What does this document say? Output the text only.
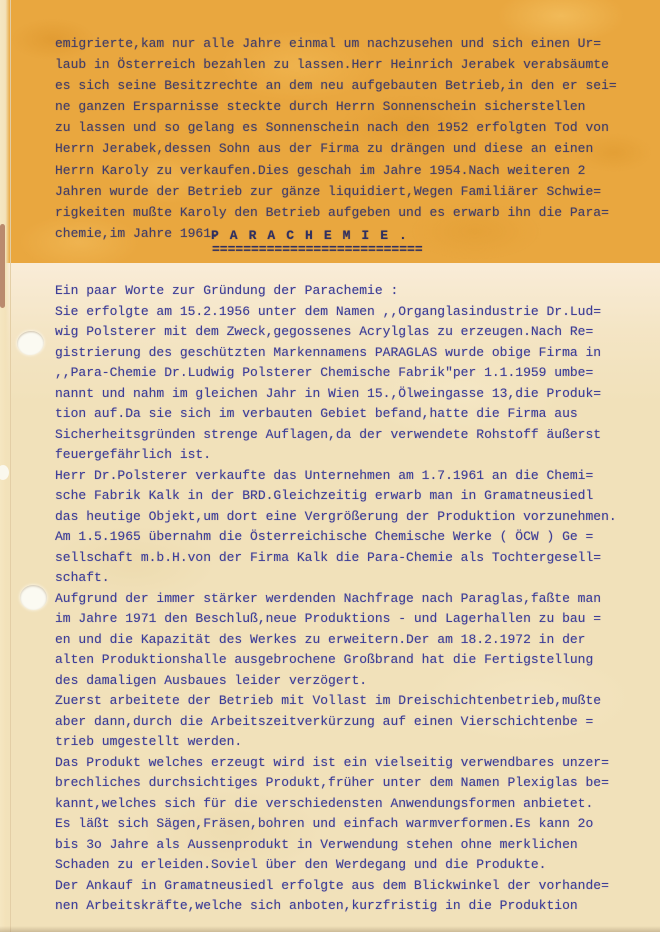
emigrierte,kam nur alle Jahre einmal um nachzusehen und sich einen Ur=
laub in Österreich bezahlen zu lassen.Herr Heinrich Jerabek verabsäumte
es sich seine Besitzrechte an dem neu aufgebauten Betrieb,in den er sei=
ne ganzen Ersparnisse steckte durch Herrn Sonnenschein sicherstellen
zu lassen und so gelang es Sonnenschein nach den 1952 erfolgten Tod von
Herrn Jerabek,dessen Sohn aus der Firma zu drängen und diese an einen
Herrn Karoly zu verkaufen.Dies geschah im Jahre 1954.Nach weiteren 2
Jahren wurde der Betrieb zur gänze liquidiert,Wegen Familiärer Schwie=
rigkeiten mußte Karoly den Betrieb aufgeben und es erwarb ihn die Para=
chemie,im Jahre 1961.
P A R A C H E M I E .
===========================
Ein paar Worte zur Gründung der Parachemie :
Sie erfolgte am 15.2.1956 unter dem Namen ,,Organglasindustrie Dr.Lud=
wig Polsterer mit dem Zweck,gegossenes Acrylglas zu erzeugen.Nach Re=
gistrierung des geschützten Markennamens PARAGLAS wurde obige Firma in
,,Para-Chemie Dr.Ludwig Polsterer Chemische Fabrik"per 1.1.1959 umbe=
nannt und nahm im gleichen Jahr in Wien 15.,Ölweingasse 13,die Produk=
tion auf.Da sie sich im verbauten Gebiet befand,hatte die Firma aus
Sicherheitsgründen strenge Auflagen,da der verwendete Rohstoff äußerst
feuergefährlich ist.
Herr Dr.Polsterer verkaufte das Unternehmen am 1.7.1961 an die Chemi=
sche Fabrik Kalk in der BRD.Gleichzeitig erwarb man in Gramatneusiedl
das heutige Objekt,um dort eine Vergrößerung der Produktion vorzunehmen.
Am 1.5.1965 übernahm die Österreichische Chemische Werke ( ÖCW ) Ge =
sellschaft m.b.H.von der Firma Kalk die Para-Chemie als Tochtergesell=
schaft.
Aufgrund der immer stärker werdenden Nachfrage nach Paraglas,faßte man
im Jahre 1971 den Beschluß,neue Produktions - und Lagerhallen zu bau =
en und die Kapazität des Werkes zu erweitern.Der am 18.2.1972 in der
alten Produktionshalle ausgebrochene Großbrand hat die Fertigstellung
des damaligen Ausbaues leider verzögert.
Zuerst arbeitete der Betrieb mit Vollast im Dreischichtenbetrieb,mußte
aber dann,durch die Arbeitszeitverkürzung auf einen Vierschichtenbe =
trieb umgestellt werden.
Das Produkt welches erzeugt wird ist ein vielseitig verwendbares unzer=
brechliches durchsichtiges Produkt,früher unter dem Namen Plexiglas be=
kannt,welches sich für die verschiedensten Anwendungsformen anbietet.
Es läßt sich Sägen,Fräsen,bohren und einfach warmverformen.Es kann 2o
bis 3o Jahre als Aussenprodukt in Verwendung stehen ohne merklichen
Schaden zu erleiden.Soviel über den Werdegang und die Produkte.
Der Ankauf in Gramatneusiedl erfolgte aus dem Blickwinkel der vorhande=
nen Arbeitskräfte,welche sich anboten,kurzfristig in die Produktion
